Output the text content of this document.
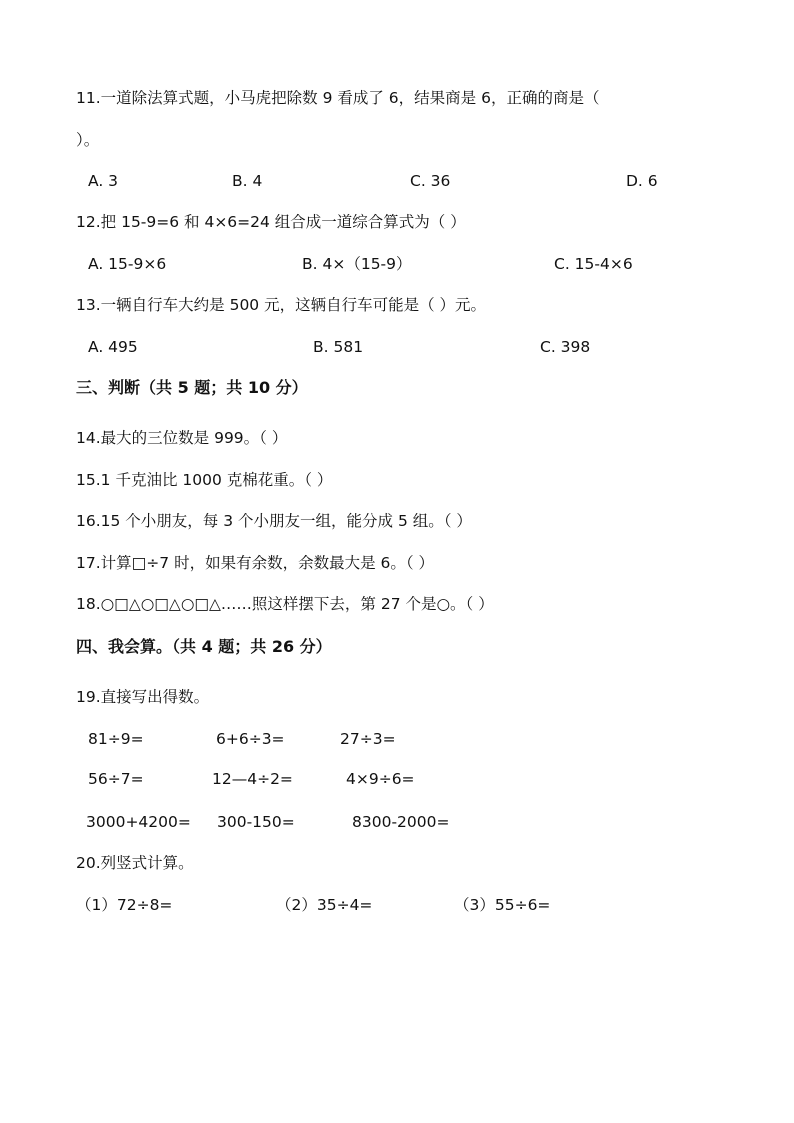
11.一道除法算式题，小马虎把除数 9 看成了 6，结果商是 6，正确的商是（
）。
A. 3	B. 4	C. 36	D. 6
12.把 15-9=6 和 4×6=24 组合成一道综合算式为（ ）
A. 15-9×6	B. 4×（15-9）	C. 15-4×6
13.一辆自行车大约是 500 元，这辆自行车可能是（ ）元。
A. 495	B. 581	C. 398
三、判断（共 5 题；共 10 分）
14.最大的三位数是 999。（ ）
15.1 千克油比 1000 克棉花重。（ ）
16.15 个小朋友，每 3 个小朋友一组，能分成 5 组。（ ）
17.计算□÷7 时，如果有余数，余数最大是 6。（ ）
18.○□△○□△○□△……照这样摆下去，第 27 个是○。（ ）
四、我会算。（共 4 题；共 26 分）
19.直接写出得数。
81÷9=	6+6÷3=	27÷3=
56÷7=	12—4÷2=	4×9÷6=
3000+4200= 300-150=	8300-2000=
20.列竖式计算。
（1）72÷8=	（2）35÷4=	（3）55÷6=
